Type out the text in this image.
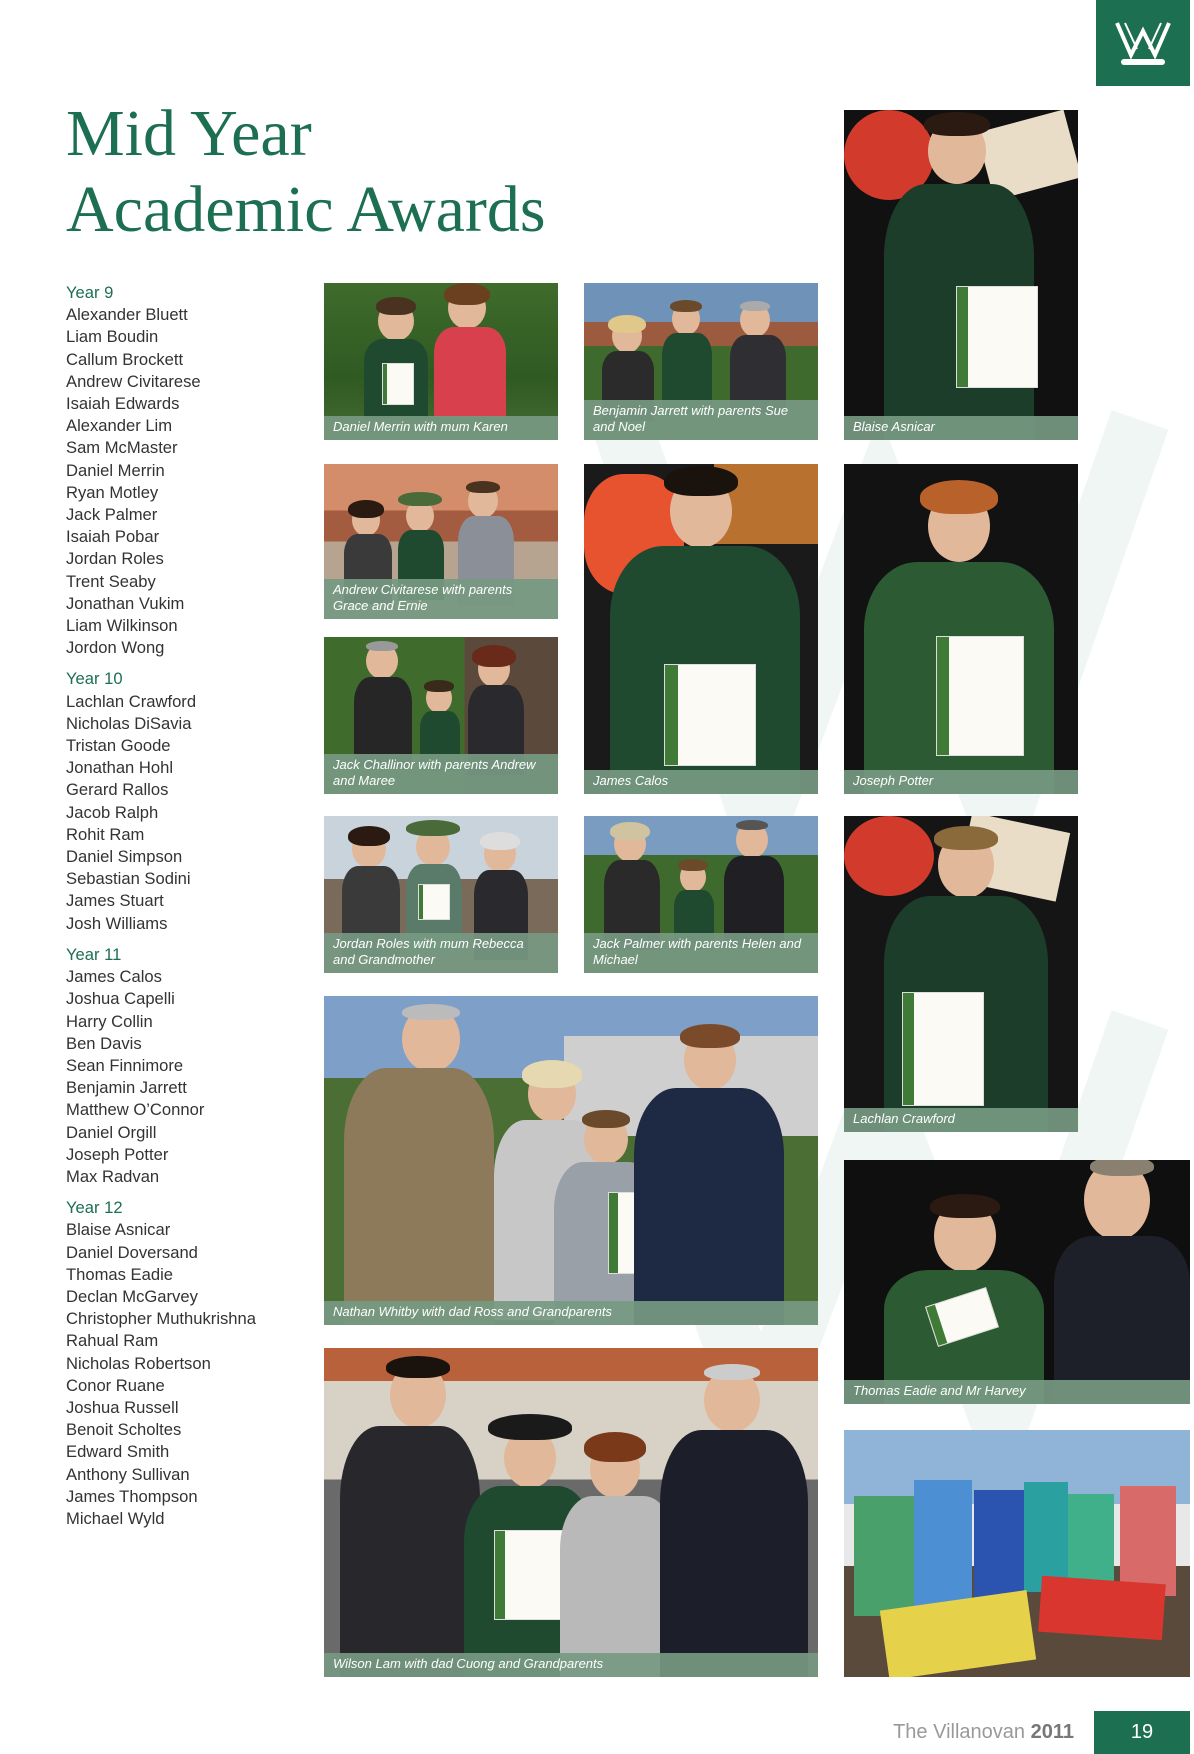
Mid Year
Academic Awards
Year 9
Alexander Bluett
Liam Boudin
Callum Brockett
Andrew Civitarese
Isaiah Edwards
Alexander Lim
Sam McMaster
Daniel Merrin
Ryan Motley
Jack Palmer
Isaiah Pobar
Jordan Roles
Trent Seaby
Jonathan Vukim
Liam Wilkinson
Jordon Wong
Year 10
Lachlan Crawford
Nicholas DiSavia
Tristan Goode
Jonathan Hohl
Gerard Rallos
Jacob Ralph
Rohit Ram
Daniel Simpson
Sebastian Sodini
James Stuart
Josh Williams
Year 11
James Calos
Joshua Capelli
Harry Collin
Ben Davis
Sean Finnimore
Benjamin Jarrett
Matthew O’Connor
Daniel Orgill
Joseph Potter
Max Radvan
Year 12
Blaise Asnicar
Daniel Doversand
Thomas Eadie
Declan McGarvey
Christopher Muthukrishna
Rahual Ram
Nicholas Robertson
Conor Ruane
Joshua Russell
Benoit Scholtes
Edward Smith
Anthony Sullivan
James Thompson
Michael Wyld
Daniel Merrin with mum Karen
Benjamin Jarrett with parents Sue and Noel	Blaise Asnicar
Andrew Civitarese with parents Grace and Ernie
James Calos	Joseph Potter
Jack Challinor with parents Andrew and Maree
Jordan Roles with mum Rebecca and Grandmother
Jack Palmer with parents Helen and Michael
Lachlan Crawford
Nathan Whitby with dad Ross and Grandparents
Thomas Eadie and Mr Harvey
Wilson Lam with dad Cuong and Grandparents
The Villanovan 2011	19
